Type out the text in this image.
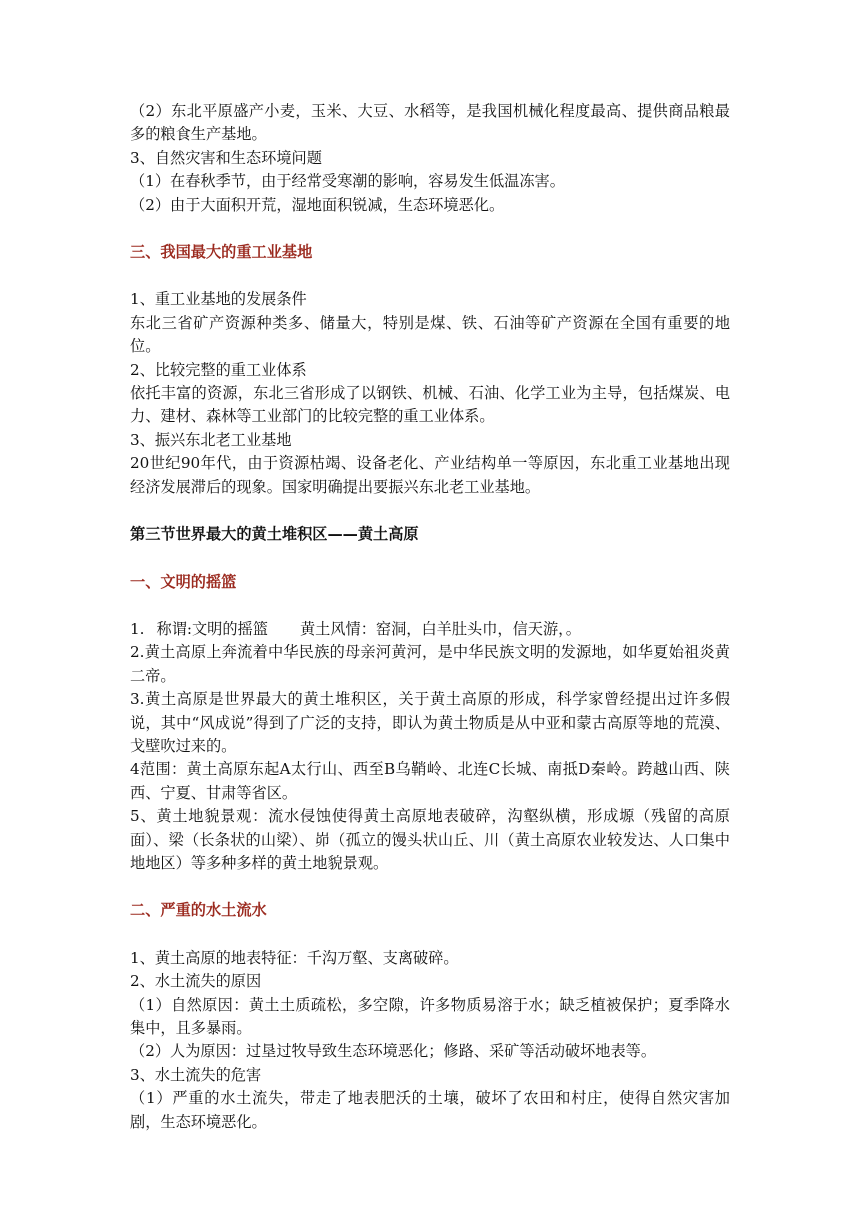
（2）东北平原盛产小麦，玉米、大豆、水稻等，是我国机械化程度最高、提供商品粮最多的粮食生产基地。

3、自然灾害和生态环境问题

（1）在春秋季节，由于经常受寒潮的影响，容易发生低温冻害。

（2）由于大面积开荒，湿地面积锐减，生态环境恶化。

三、我国最大的重工业基地

1、重工业基地的发展条件

东北三省矿产资源种类多、储量大，特别是煤、铁、石油等矿产资源在全国有重要的地位。

2、比较完整的重工业体系

依托丰富的资源，东北三省形成了以钢铁、机械、石油、化学工业为主导，包括煤炭、电力、建材、森林等工业部门的比较完整的重工业体系。

3、振兴东北老工业基地

20世纪90年代，由于资源枯竭、设备老化、产业结构单一等原因，东北重工业基地出现经济发展滞后的现象。国家明确提出要振兴东北老工业基地。

第三节世界最大的黄土堆积区——黄土高原

一、文明的摇篮

1. 称谓:文明的摇篮 黄土风情：窑洞，白羊肚头巾，信天游，。

2.黄土高原上奔流着中华民族的母亲河黄河，是中华民族文明的发源地，如华夏始祖炎黄二帝。

3.黄土高原是世界最大的黄土堆积区，关于黄土高原的形成，科学家曾经提出过许多假说，其中“风成说”得到了广泛的支持，即认为黄土物质是从中亚和蒙古高原等地的荒漠、戈壁吹过来的。

4范围：黄土高原东起A太行山、西至B乌鞘岭、北连C长城、南抵D秦岭。跨越山西、陕西、宁夏、甘肃等省区。

5、黄土地貌景观：流水侵蚀使得黄土高原地表破碎，沟壑纵横，形成塬（残留的高原面）、梁（长条状的山梁）、峁（孤立的馒头状山丘、川（黄土高原农业较发达、人口集中地地区）等多种多样的黄土地貌景观。

二、严重的水土流水

1、黄土高原的地表特征：千沟万壑、支离破碎。

2、水土流失的原因

（1）自然原因：黄土土质疏松，多空隙，许多物质易溶于水；缺乏植被保护；夏季降水集中，且多暴雨。

（2）人为原因：过垦过牧导致生态环境恶化；修路、采矿等活动破坏地表等。

3、水土流失的危害

（1）严重的水土流失，带走了地表肥沃的土壤，破坏了农田和村庄，使得自然灾害加剧，生态环境恶化。
